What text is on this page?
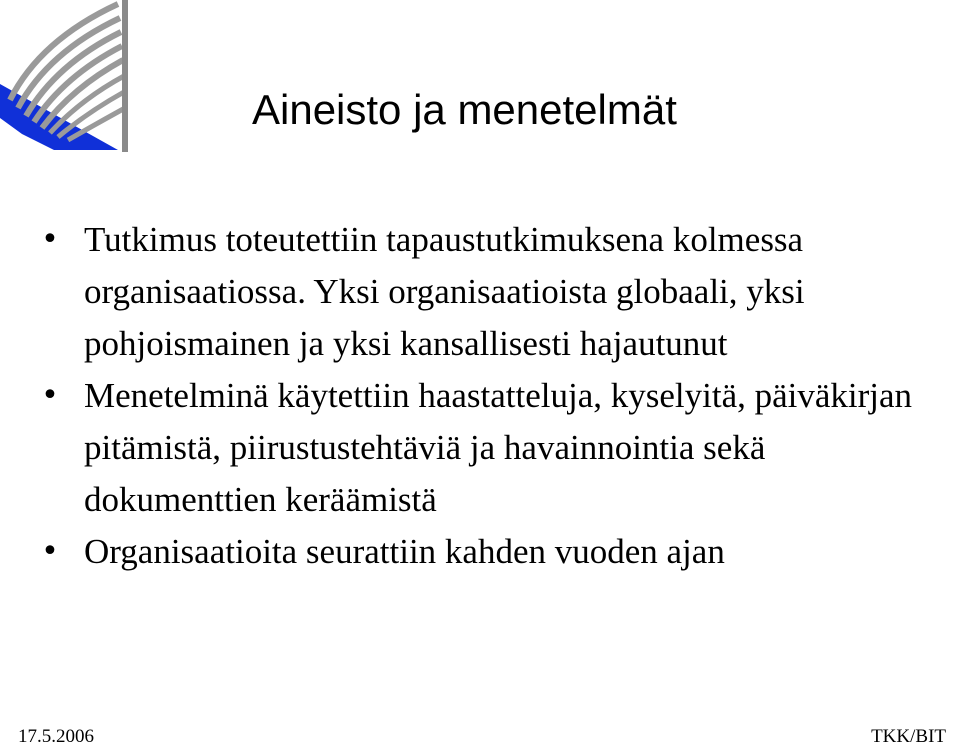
Aineisto ja menetelmät
• Tutkimus toteutettiin tapaustutkimuksena kolmessa organisaatiossa. Yksi organisaatioista globaali, yksi pohjoismainen ja yksi kansallisesti hajautunut
• Menetelminä käytettiin haastatteluja, kyselyitä, päiväkirjan pitämistä, piirustustehtäviä ja havainnointia sekä dokumenttien keräämistä
• Organisaatioita seurattiin kahden vuoden ajan
17.5.2006	TKK/BIT
